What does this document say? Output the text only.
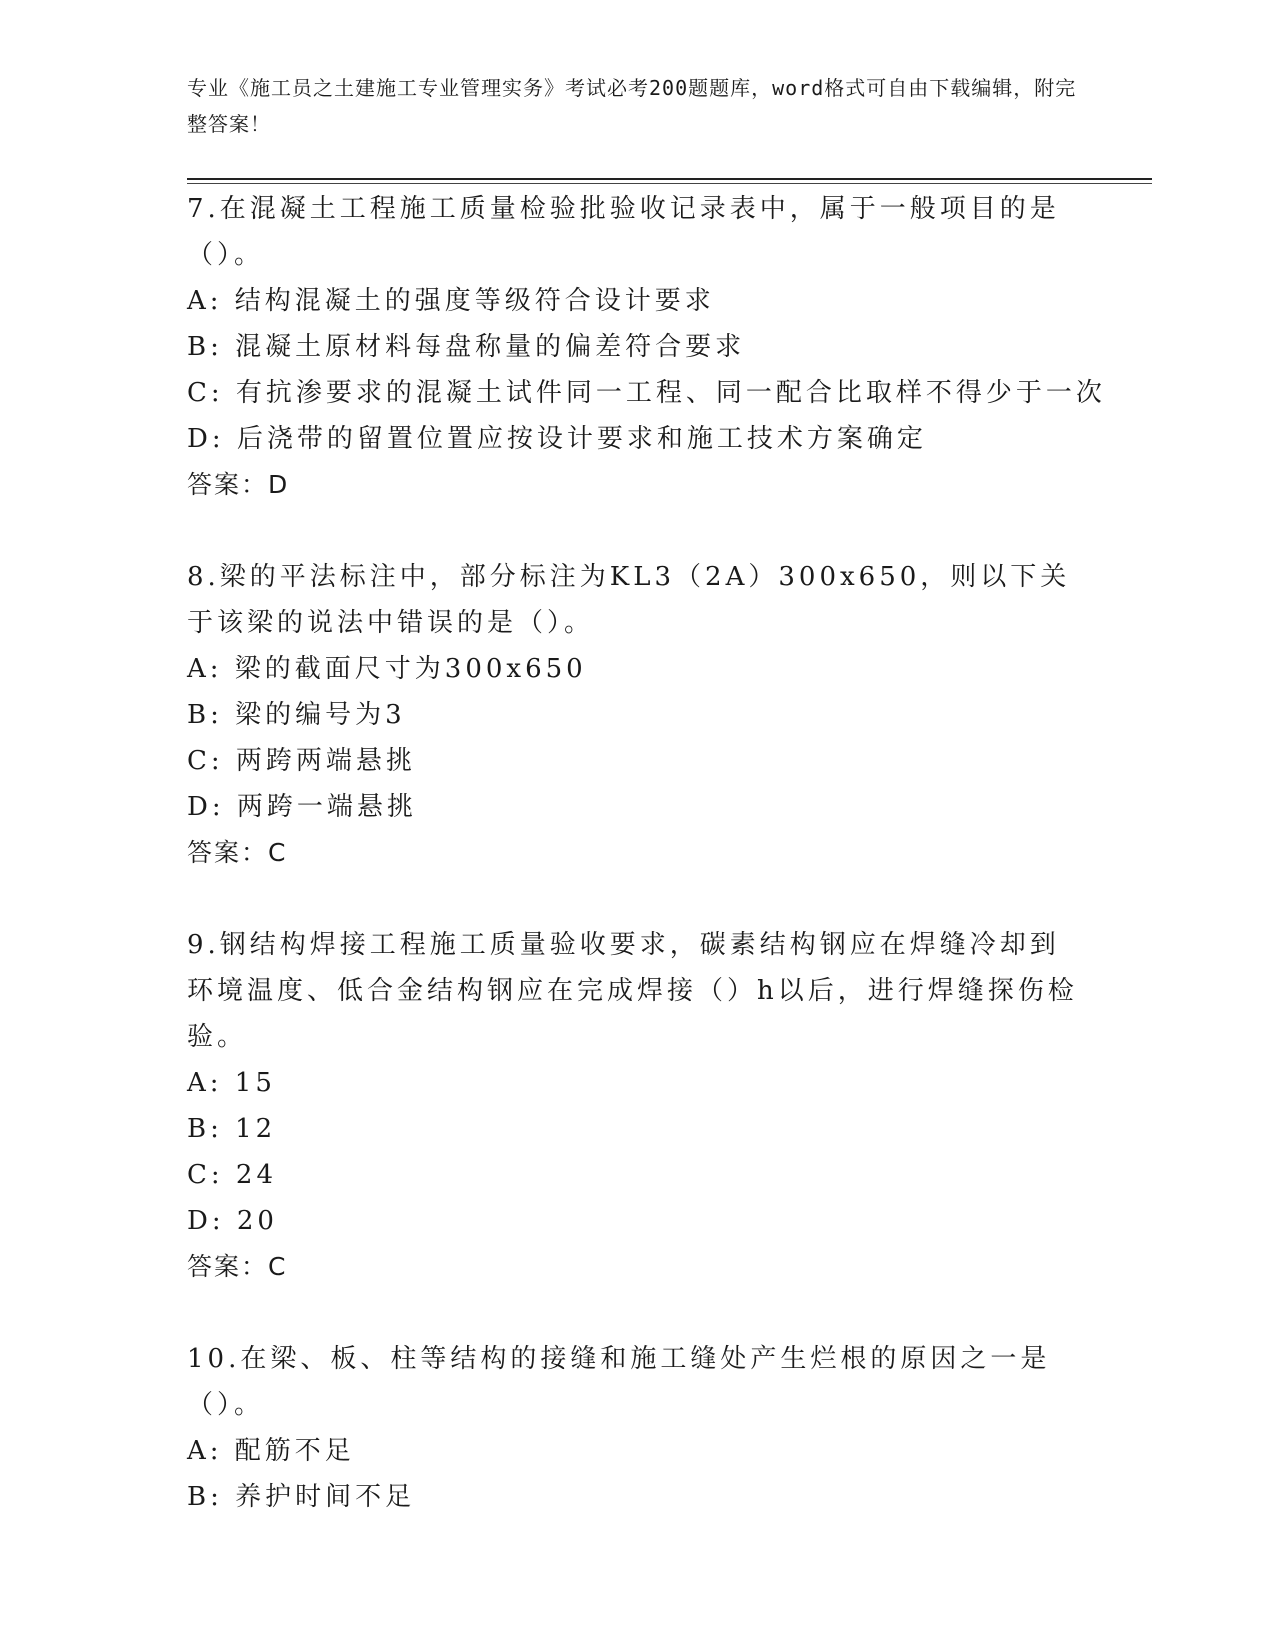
专业《施工员之土建施工专业管理实务》考试必考200题题库，word格式可自由下载编辑，附完整答案！

7.在混凝土工程施工质量检验批验收记录表中，属于一般项目的是（）。

A: 结构混凝土的强度等级符合设计要求

B: 混凝土原材料每盘称量的偏差符合要求

C: 有抗渗要求的混凝土试件同一工程、同一配合比取样不得少于一次

D: 后浇带的留置位置应按设计要求和施工技术方案确定

答案：D

8.梁的平法标注中，部分标注为KL3（2A）300x650，则以下关于该梁的说法中错误的是（）。

A: 梁的截面尺寸为300x650

B: 梁的编号为3

C: 两跨两端悬挑

D: 两跨一端悬挑

答案：C

9.钢结构焊接工程施工质量验收要求，碳素结构钢应在焊缝冷却到环境温度、低合金结构钢应在完成焊接（）h以后，进行焊缝探伤检验。

A: 15

B: 12

C: 24

D: 20

答案：C

10.在梁、板、柱等结构的接缝和施工缝处产生烂根的原因之一是（）。

A: 配筋不足

B: 养护时间不足
